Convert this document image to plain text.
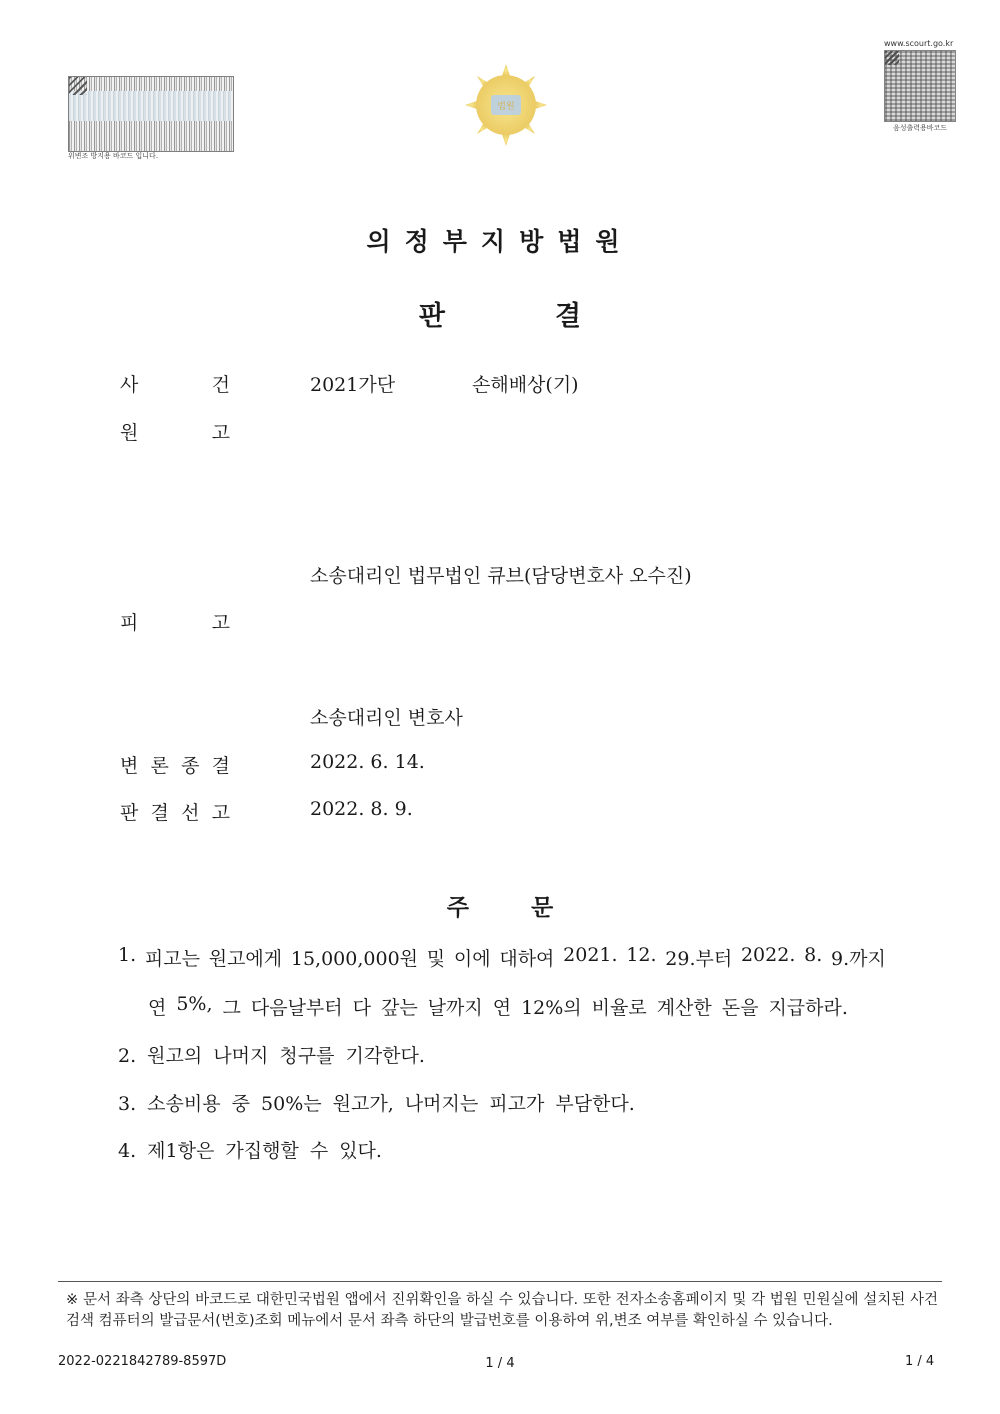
위변조 방지용 바코드 입니다.
법원
www.scourt.go.kr
음성출력용바코드
의정부지방법원
판결
사	건	2021가단	손해배상(기)
원	고
소송대리인 법무법인 큐브(담당변호사 오수진)
피	고
소송대리인 변호사
변 론 종 결	2022. 6. 14.
판 결 선 고	2022. 8. 9.
주문
1. 피고는 원고에게 15,000,000원 및 이에 대하여 2021. 12. 29.부터 2022. 8. 9.까지
연 5%, 그 다음날부터 다 갚는 날까지 연 12%의 비율로 계산한 돈을 지급하라.
2. 원고의 나머지 청구를 기각한다.
3. 소송비용 중 50%는 원고가, 나머지는 피고가 부담한다.
4. 제1항은 가집행할 수 있다.
※ 문서 좌측 상단의 바코드로 대한민국법원 앱에서 진위확인을 하실 수 있습니다. 또한 전자소송홈페이지 및 각 법원 민원실에 설치된 사건검색 컴퓨터의 발급문서(번호)조회 메뉴에서 문서 좌측 하단의 발급번호를 이용하여 위,변조 여부를 확인하실 수 있습니다.
2022-0221842789-8597D	1 / 4	1 / 4
